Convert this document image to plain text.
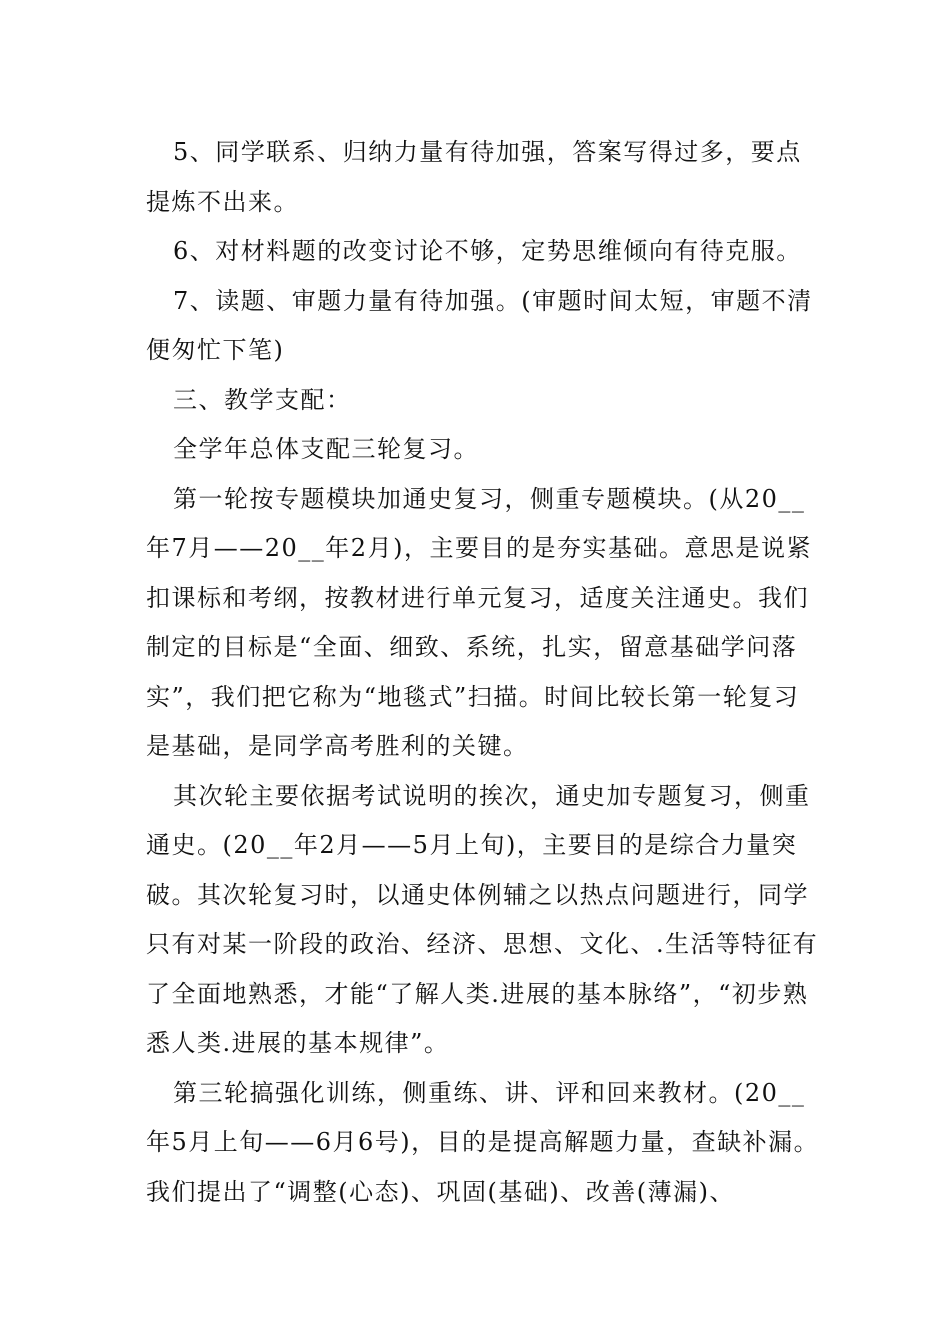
5、同学联系、归纳力量有待加强，答案写得过多，要点提炼不出来。

6、对材料题的改变讨论不够，定势思维倾向有待克服。

7、读题、审题力量有待加强。(审题时间太短，审题不清便匆忙下笔)

三、教学支配：

全学年总体支配三轮复习。

第一轮按专题模块加通史复习，侧重专题模块。(从20__年7月——20__年2月)，主要目的是夯实基础。意思是说紧扣课标和考纲，按教材进行单元复习，适度关注通史。我们制定的目标是“全面、细致、系统，扎实，留意基础学问落实”，我们把它称为“地毯式”扫描。时间比较长第一轮复习是基础，是同学高考胜利的关键。

其次轮主要依据考试说明的挨次，通史加专题复习，侧重通史。(20__年2月——5月上旬)，主要目的是综合力量突破。其次轮复习时，以通史体例辅之以热点问题进行，同学只有对某一阶段的政治、经济、思想、文化、.生活等特征有了全面地熟悉，才能“了解人类.进展的基本脉络”，“初步熟悉人类.进展的基本规律”。

第三轮搞强化训练，侧重练、讲、评和回来教材。(20__年5月上旬——6月6号)，目的是提高解题力量，查缺补漏。我们提出了“调整(心态)、巩固(基础)、改善(薄漏)、
